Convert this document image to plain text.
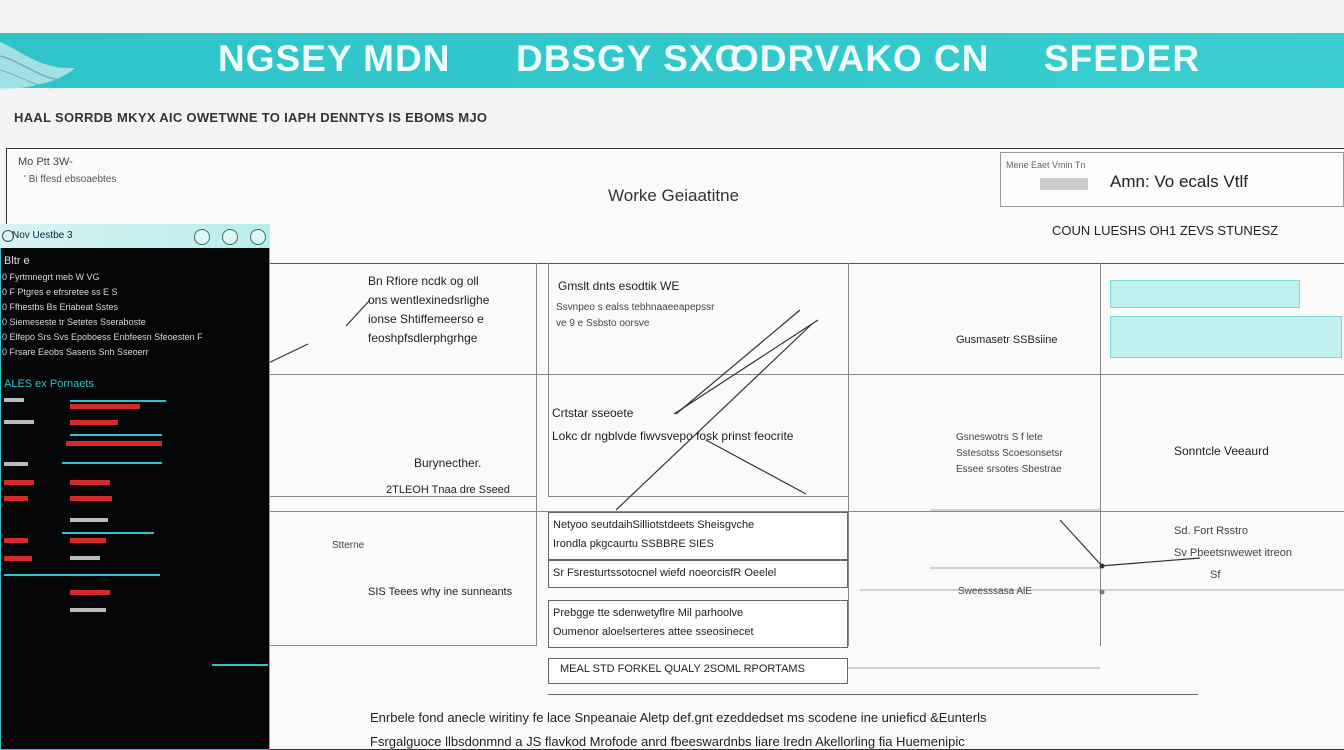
NGSEY MDN DBSGY SXC
ODRVAKO CN SFEDER
HAAL SORRDB MKYX AIC OWETWNE TO IAPH DENNTYS IS EBOMS MJO
Mo Ptt 3W-
' Bi ffesd ebsoaebtes
Worke Geiaatitne
Mene Eaet Vmin Tn
Amn: Vo ecals Vtlf
COUN LUESHS OH1 ZEVS STUNESZ
Bn Rfiore ncdk og oll
ons wentlexinedsrlighe
ionse Shtiffemeerso e
feoshpfsdlerphgrhge
Gmslt dnts esodtik WE
Ssvnpeo s ealss tebhnaaeeapepssr
ve 9 e Ssbsto oorsve
Gusmasetr SSBsiine
Burynecther.
2TLEOH Tnaa dre Sseed
Crtstar sseoete
Lokc dr ngblvde fiwvsvepo fosk prinst feocrite	Gsneswotrs S f lete
Sstesotss Scoesonsetsr
Essee srsotes Sbestrae
Sonntcle Veeaurd
Stterne
SIS Teees why ine sunneants
Netyoo seutdaihSilliotstdeets Sheisgvche
Irondla pkgcaurtu SSBBRE SIES
Sr Fsresturtssotocnel wiefd noeorcisfR Oeelel
Prebgge tte sdenwetyflre Mil parhoolve
Oumenor aloelserteres attee sseosinecet
MEAL STD FORKEL QUALY 2SOML RPORTAMS
Sweesssasa AlE
Sd. Fort Rsstro
Sv Pbeetsnwewet itreon
Sf
Enrbele fond anecle wiritiny fe lace Snpeanaie Aletp def.gnt ezeddedset ms scodene ine unieficd &Eunterls
Fsrgalguoce llbsdonmnd a JS flavkod Mrofode anrd fbeeswardnbs liare lredn Akellorling fia Huemenipic
Nov Uestbe 3
Bltr e
0 Fyrtmnegrt meb W VG
0 F Ptgres e efrsretee ss E S
0 Ffhestbs Bs Eriabeat Sstes
0 Siemeseste tr Setetes Sseraboste
0 Elfepo Srs Svs Epoboess Enbfeesn Sfeoesten F
0 Frsare Eeobs Sasens Snh Sseoerr
ALES ex Pornaets
